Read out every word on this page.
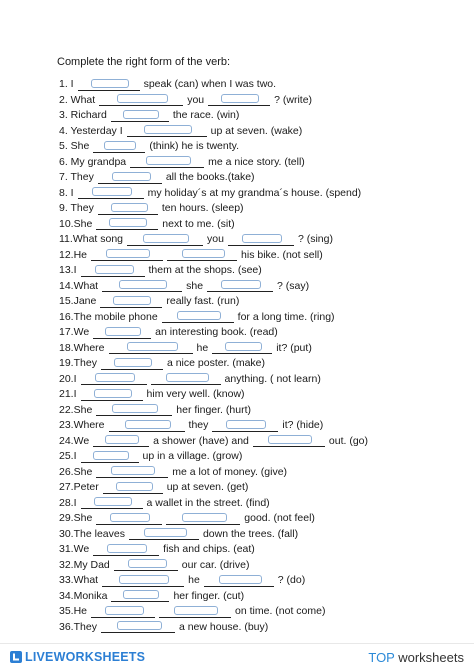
Complete the right form of the verb:
1. I	speak (can) when I was two.
2. What	you	? (write)
3. Richard	the race. (win)
4. Yesterday I	up at seven. (wake)
5. She	(think) he is twenty.
6. My grandpa	me a nice story. (tell)
7. They	all the books.(take)
8. I	my holiday´s at my grandma´s house. (spend)
9. They	ten hours. (sleep)
10.She	next to me. (sit)
11.What song	you	? (sing)
12.He	his bike. (not sell)
13.I	them at the shops. (see)
14.What	she	? (say)
15.Jane	really fast. (run)
16.The mobile phone	for a long time. (ring)
17.We	an interesting book. (read)
18.Where	he	it? (put)
19.They	a nice poster. (make)
20.I	anything. ( not learn)
21.I	him very well. (know)
22.She	her finger. (hurt)
23.Where	they	it? (hide)
24.We	a shower (have) and	out. (go)
25.I	up in a village. (grow)
26.She	me a lot of money. (give)
27.Peter	up at seven. (get)
28.I	a wallet in the street. (find)
29.She	good. (not feel)
30.The leaves	down the trees. (fall)
31.We	fish and chips. (eat)
32.My Dad	our car. (drive)
33.What	he	? (do)
34.Monika	her finger. (cut)
35.He	on time. (not come)
36.They	a new house. (buy)
LIVEWORKSHEETS	TOP worksheets
